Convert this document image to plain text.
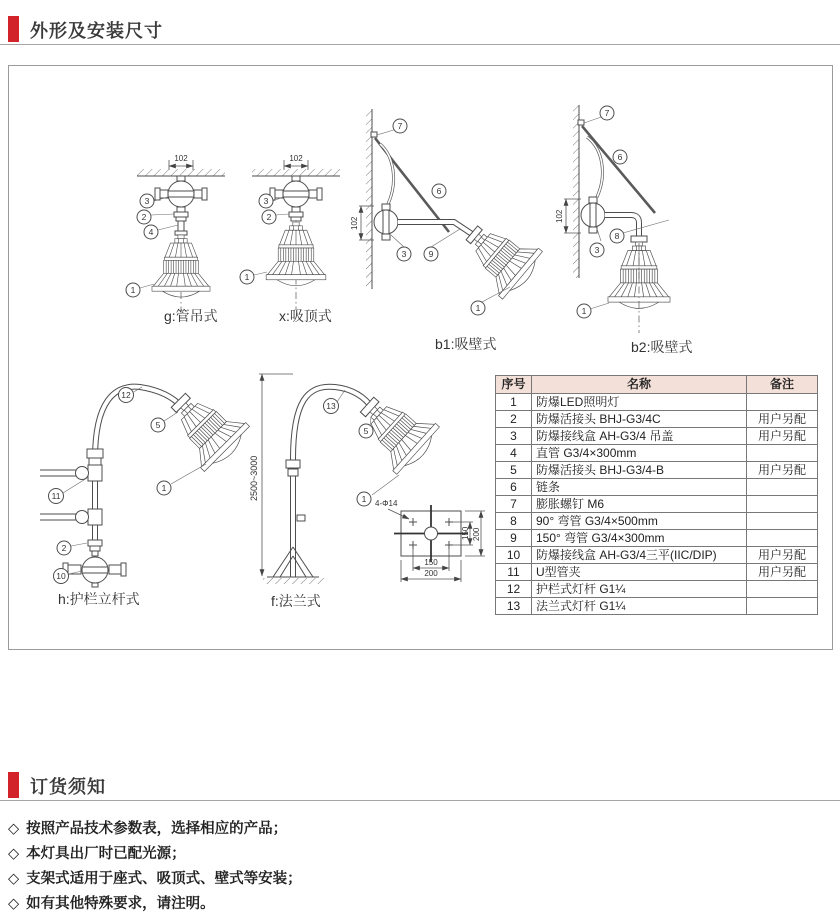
外形及安装尺寸
102
3
2
4
1
g:管吊式
102
3
2
1
x:吸顶式
102
7
6
3	9
1
b1:吸壁式
102
7
6
8
3
1
b2:吸壁式
12
5
1
11
2
10
h:护栏立杆式
2500~3000
13
5
1 4-Φ14
150 200
150
200
f:法兰式
序号	名称	备注
1	防爆LED照明灯	
2	防爆活接头 BHJ-G3/4C	用户另配
3	防爆接线盒 AH-G3/4 吊盖	用户另配
4	直管 G3/4×300mm	
5	防爆活接头 BHJ-G3/4-B	用户另配
6	链条	
7	膨胀螺钉 M6	
8	90° 弯管 G3/4×500mm	
9	150° 弯管 G3/4×300mm	
10	防爆接线盒 AH-G3/4三平(IIC/DIP)	用户另配
11	U型管夹	用户另配
12	护栏式灯杆 G1¼	
13	法兰式灯杆 G1¼	
订货须知
◇ 按照产品技术参数表，选择相应的产品；
◇ 本灯具出厂时已配光源；
◇ 支架式适用于座式、吸顶式、壁式等安装；
◇ 如有其他特殊要求，请注明。
